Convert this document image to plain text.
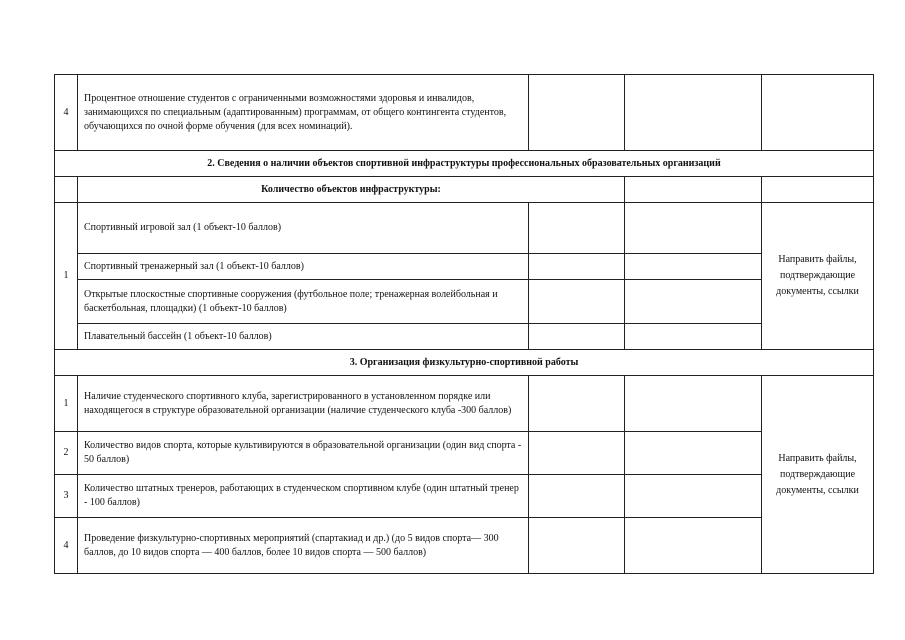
4	Процентное отношение студентов с ограниченными возможностями здоровья и инвалидов, занимающихся по специальным (адаптированным) программам, от общего контингента студентов, обучающихся по очной форме обучения (для всех номинаций).			
2. Сведения о наличии объектов спортивной инфраструктуры профессиональных образовательных организаций				
	Количество объектов инфраструктуры:			
1	Спортивный игровой зал (1 объект-10 баллов)			Направить файлы, подтверждающие документы, ссылки
	Спортивный тренажерный зал (1 объект-10 баллов)			
	Открытые плоскостные спортивные сооружения (футбольное поле; тренажерная волейбольная и баскетбольная, площадки) (1 объект-10 баллов)			
	Плавательный бассейн (1 объект-10 баллов)			
3. Организация физкультурно-спортивной работы				
1	Наличие студенческого спортивного клуба, зарегистрированного в установленном порядке или находящегося в структуре образовательной организации (наличие студенческого клуба -300 баллов)			Направить файлы, подтверждающие документы, ссылки
2	Количество видов спорта, которые культивируются в образовательной организации (один вид спорта - 50 баллов)			
3	Количество штатных тренеров, работающих в студенческом спортивном клубе (один штатный тренер - 100 баллов)			
4	Проведение физкультурно-спортивных мероприятий (спартакиад и др.) (до 5 видов спорта— 300 баллов, до 10 видов спорта — 400 баллов, более 10 видов спорта — 500 баллов)			
